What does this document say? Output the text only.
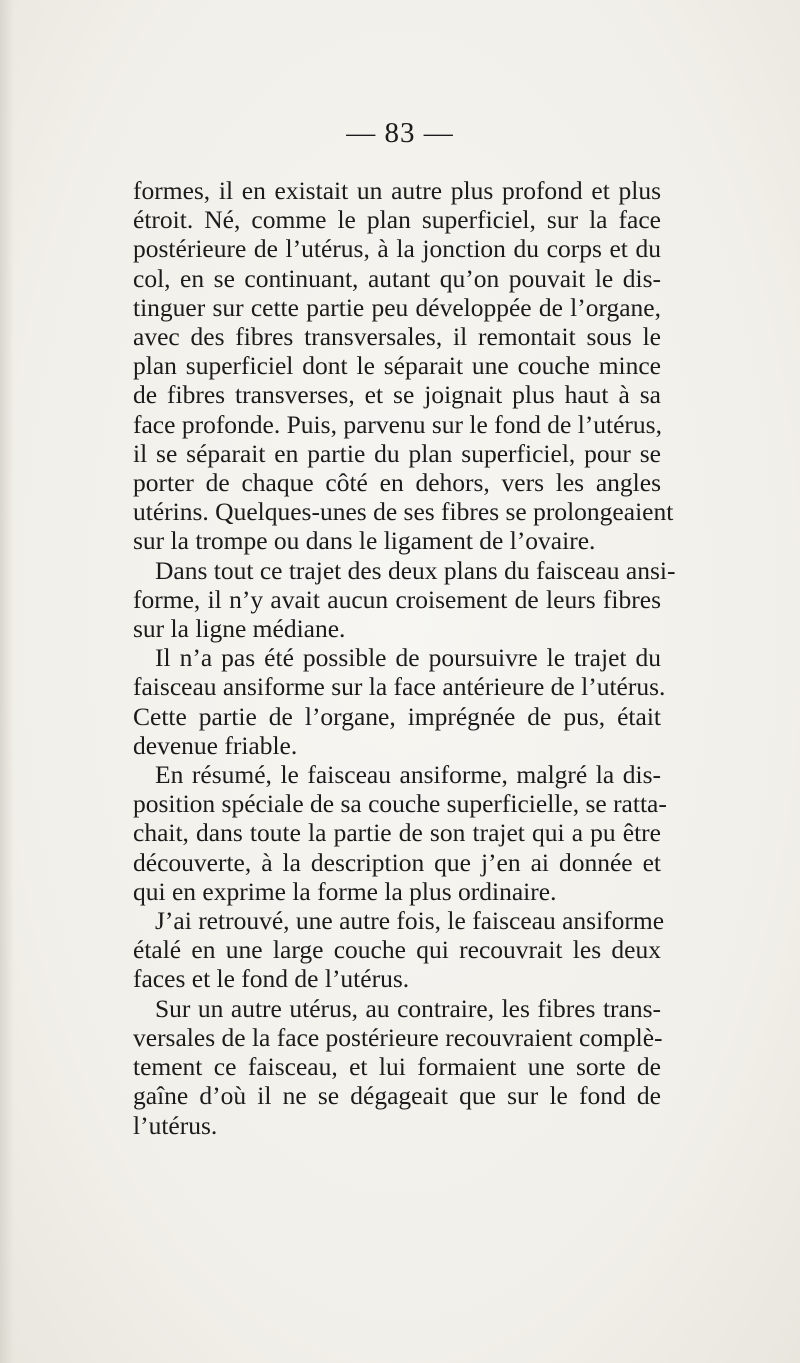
— 83 —

formes, il en existait un autre plus profond et plus
étroit. Né, comme le plan superficiel, sur la face
postérieure de l’utérus, à la jonction du corps et du
col, en se continuant, autant qu’on pouvait le dis-
tinguer sur cette partie peu développée de l’organe,
avec des fibres transversales, il remontait sous le
plan superficiel dont le séparait une couche mince
de fibres transverses, et se joignait plus haut à sa
face profonde. Puis, parvenu sur le fond de l’utérus,
il se séparait en partie du plan superficiel, pour se
porter de chaque côté en dehors, vers les angles
utérins. Quelques-unes de ses fibres se prolongeaient
sur la trompe ou dans le ligament de l’ovaire.

Dans tout ce trajet des deux plans du faisceau ansi-
forme, il n’y avait aucun croisement de leurs fibres
sur la ligne médiane.

Il n’a pas été possible de poursuivre le trajet du
faisceau ansiforme sur la face antérieure de l’utérus.
Cette partie de l’organe, imprégnée de pus, était
devenue friable.

En résumé, le faisceau ansiforme, malgré la dis-
position spéciale de sa couche superficielle, se ratta-
chait, dans toute la partie de son trajet qui a pu être
découverte, à la description que j’en ai donnée et
qui en exprime la forme la plus ordinaire.

J’ai retrouvé, une autre fois, le faisceau ansiforme
étalé en une large couche qui recouvrait les deux
faces et le fond de l’utérus.

Sur un autre utérus, au contraire, les fibres trans-
versales de la face postérieure recouvraient complè-
tement ce faisceau, et lui formaient une sorte de
gaîne d’où il ne se dégageait que sur le fond de
l’utérus.
